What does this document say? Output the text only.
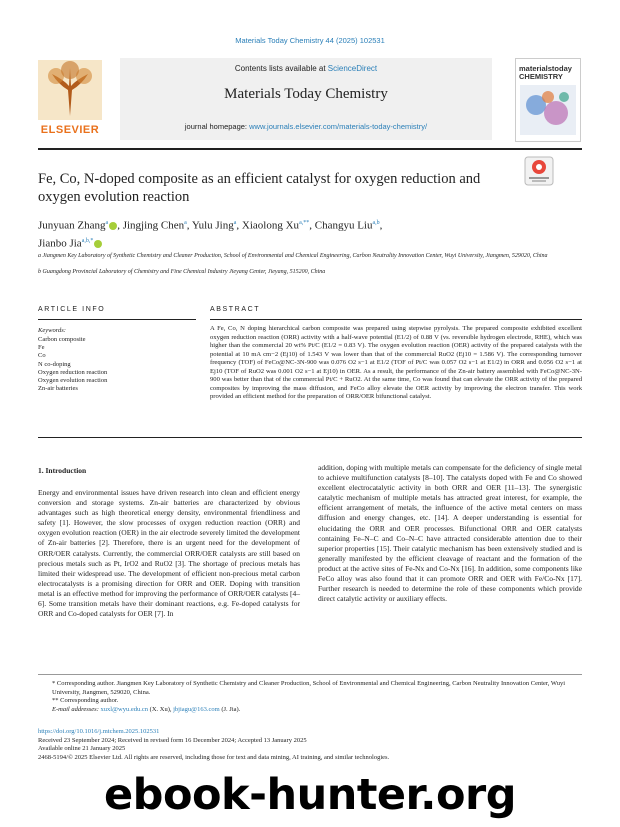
Materials Today Chemistry 44 (2025) 102531
Contents lists available at ScienceDirect
Materials Today Chemistry
journal homepage: www.journals.elsevier.com/materials-today-chemistry/
ELSEVIER
materialstoday CHEMISTRY
Fe, Co, N-doped composite as an efficient catalyst for oxygen reduction and oxygen evolution reaction
Junyuan Zhang$^a$ , Jingjing Chen$^a$, Yulu Jing$^a$, Xiaolong $Xu^{a,**}$, Changyu Liu$^{a,b}$,
Jianbo Jia$^{a,b,*}$
a Jiangmen Key Laboratory of Synthetic Chemistry and Cleaner Production, School of Environmental and Chemical Engineering, Carbon Neutrality Innovation Center, Wuyi University, Jiangmen, 529020, China
b Guangdong Provincial Laboratory of Chemistry and Fine Chemical Industry Jieyang Center, Jieyang, 515200, China
ARTICLE INFO	ABSTRACT
Keywords:
Carbon composite
Fe
Co
N co-doping
Oxygen reduction reaction
Oxygen evolution reaction
Zn-air batteries
A Fe, Co, N doping hierarchical carbon composite was prepared using stepwise pyrolysis. The prepared composite exhibited excellent oxygen reduction reaction (ORR) activity with a half-wave potential (E1/2) of 0.88 V (vs. reversible hydrogen electrode, RHE), which was higher than the commercial 20 wt% Pt/C (E1/2 = 0.83 V). The oxygen evolution reaction (OER) activity of the prepared catalysts with the potential at 10 mA cm−2 (Ej10) of 1.543 V was lower than that of the commercial RuO2 (Ej10 = 1.586 V). The corresponding turnover frequency (TOF) of FeCo@NC-3N-900 was 0.076 O2 s−1 at E1/2 (TOF of Pt/C was 0.057 O2 s−1 at E1/2) in ORR and 0.056 O2 s−1 at Ej10 (TOF of RuO2 was 0.001 O2 s−1 at Ej10) in OER. As a result, the performance of the Zn-air battery assembled with FeCo@NC-3N-900 was better than that of the commercial Pt/C + RuO2. At the same time, Co was found that can elevate the ORR activity of the prepared composites by improving the mass diffusion, and FeCo alloy elevate the OER activity by improving the electron transfer. This work provided an efficient method for the preparation of ORR/OER bifunctional catalyst.
1. Introduction
Energy and environmental issues have driven research into clean and efficient energy conversion and storage systems. Zn-air batteries are characterized by obvious advantages such as high theoretical energy density, environmental friendliness and safety [1]. However, the slow processes of oxygen reduction reaction (ORR) and oxygen evolution reaction (OER) in the air electrode severely limited the development of Zn-air batteries [2]. Therefore, there is an urgent need for the development of ORR/OER catalysts. Currently, the commercial ORR/OER catalysts are still based on precious metals such as Pt, IrO2 and RuO2 [3]. The shortage of precious metals has limited their widespread use. The development of efficient non-precious metal carbon electrocatalysts is a promising direction for ORR and OER. Doping with transition metal is an effective method for improving the performance of ORR/OER catalysts [4–6]. Some transition metals have their dominant reactions, e.g. Fe-doped catalysts for ORR and Co-doped catalysts for OER [7]. In
addition, doping with multiple metals can compensate for the deficiency of single metal to achieve multifunction catalysts [8–10]. The catalysts doped with Fe and Co showed excellent electrocatalytic activity in both ORR and OER [11–13]. The synergistic catalytic mechanism of multiple metals has attracted great interest, for example, the efficient arrangement of metals, the influence of the active metal centers on mass diffusion and energy changes, etc. [14]. A deeper understanding is essential for elucidating the ORR and OER processes. Bifunctional ORR and OER catalysts containing Fe–N–C and Co–N–C have attracted considerable attention due to their superior properties [15]. Their catalytic mechanism has been extensively studied and is generally manifested by the efficient cleavage of reactant and the formation of the product at the active sites of Fe-Nx and Co-Nx [16]. In addition, some components like FeCo alloy was also found that it can promote ORR and OER with Fe/Co-Nx [17]. Further research is needed to determine the role of these components which provide direct catalytic activity or auxiliary effects.
* Corresponding author. Jiangmen Key Laboratory of Synthetic Chemistry and Cleaner Production, School of Environmental and Chemical Engineering, Carbon Neutrality Innovation Center, Wuyi University, Jiangmen, 529020, China.
** Corresponding author.
E-mail addresses: xuxl@wyu.edu.cn (X. Xu), jbjiagu@163.com (J. Jia).
https://doi.org/10.1016/j.mtchem.2025.102531
Received 23 September 2024; Received in revised form 16 December 2024; Accepted 13 January 2025
Available online 21 January 2025
2468-5194/© 2025 Elsevier Ltd. All rights are reserved, including those for text and data mining, AI training, and similar technologies.
ebook-hunter.org
